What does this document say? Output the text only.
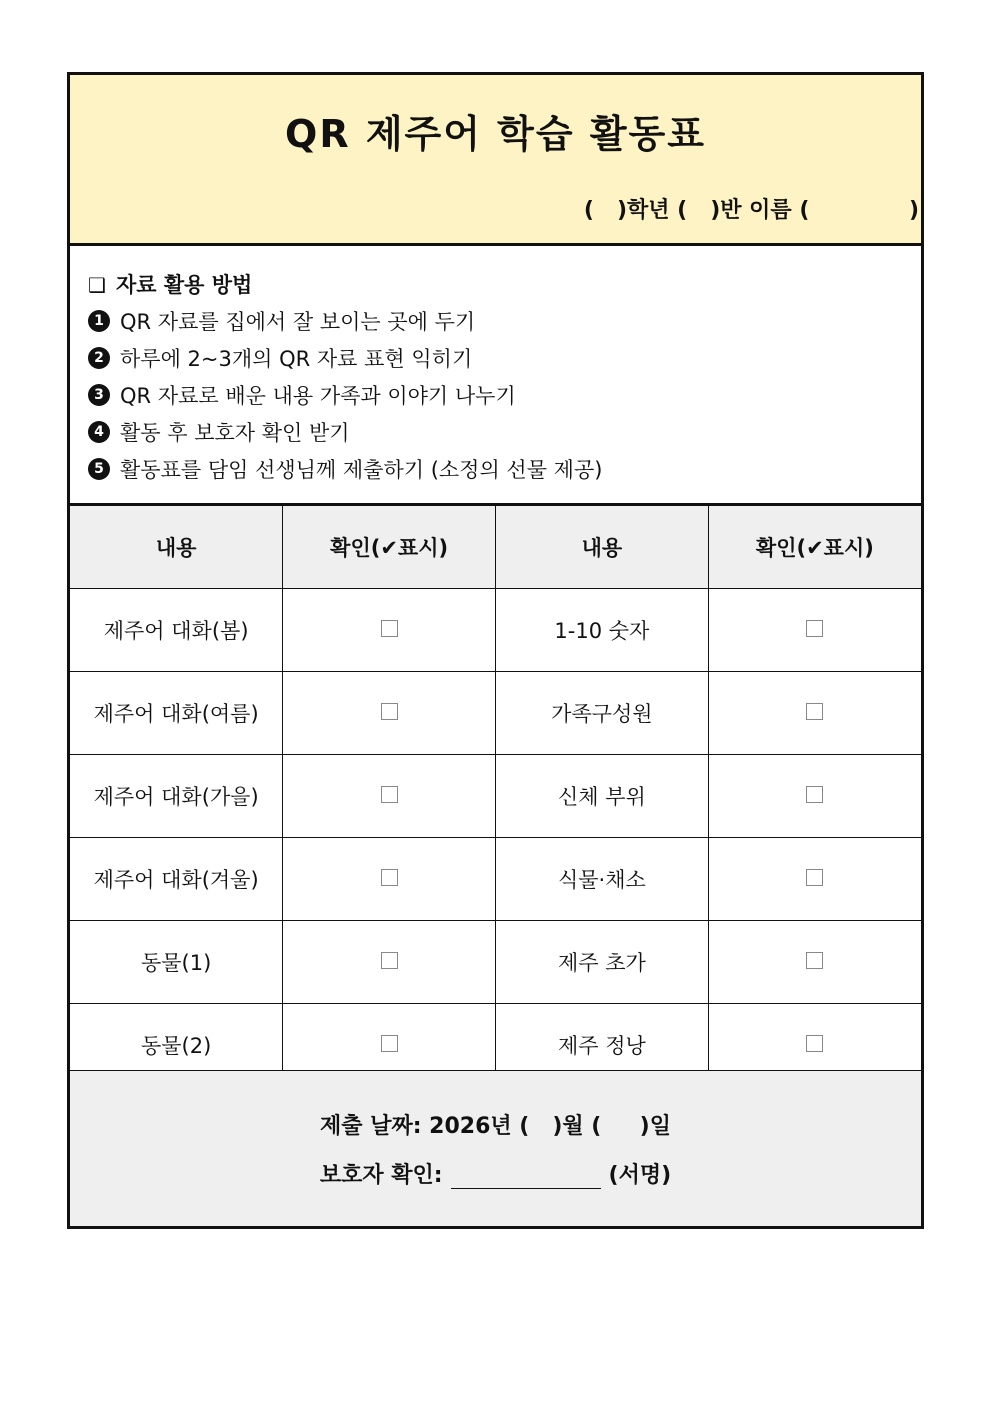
QR 제주어 학습 활동표
(   )학년 (   )반 이름 (             )
❑ 자료 활용 방법
1 QR 자료를 집에서 잘 보이는 곳에 두기
2 하루에 2~3개의 QR 자료 표현 익히기
3 QR 자료로 배운 내용 가족과 이야기 나누기
4 활동 후 보호자 확인 받기
5 활동표를 담임 선생님께 제출하기 (소정의 선물 제공)
내용	확인(✔표시)	내용	확인(✔표시)
제주어 대화(봄)		1-10 숫자	
제주어 대화(여름)		가족구성원	
제주어 대화(가을)		신체 부위	
제주어 대화(겨울)		식물·채소	
동물(1)		제주 초가	
동물(2)		제주 정낭	
제출 날짜: 2026년 (   )월 (     )일
보호자 확인:	(서명)
